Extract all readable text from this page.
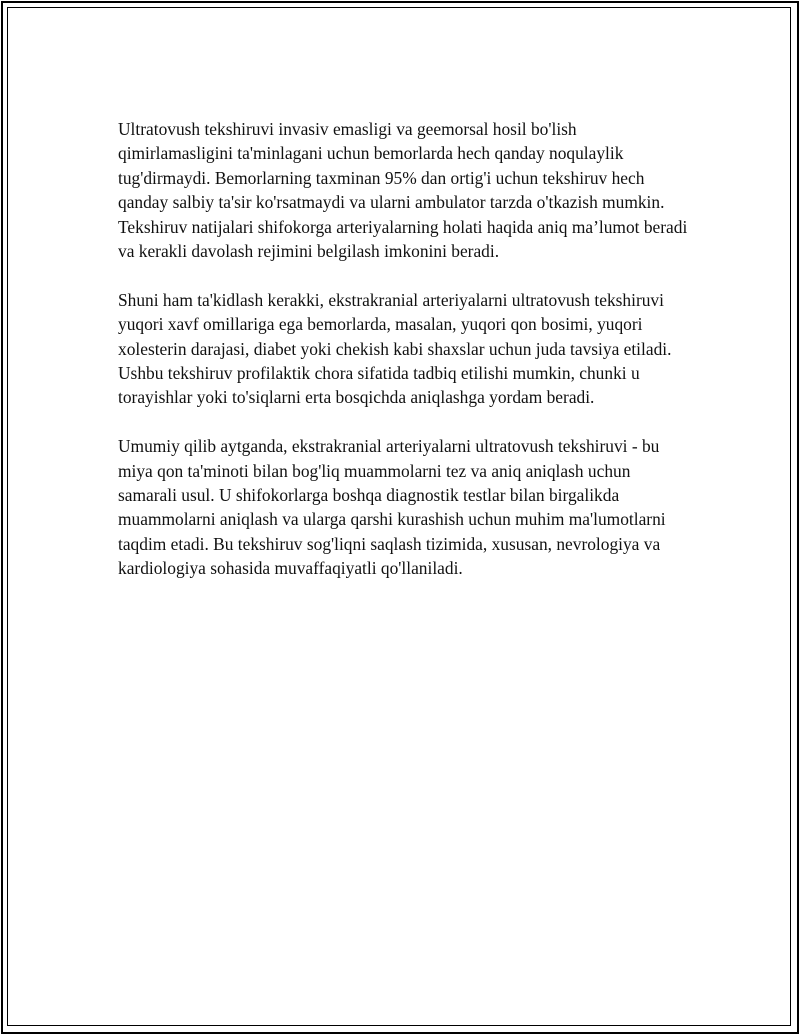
Ultratovush tekshiruvi invasiv emasligi va geemorsal hosil bo'lish qimirlamasligini ta'minlagani uchun bemorlarda hech qanday noqulaylik tug'dirmaydi. Bemorlarning taxminan 95% dan ortig'i uchun tekshiruv hech qanday salbiy ta'sir ko'rsatmaydi va ularni ambulator tarzda o'tkazish mumkin. Tekshiruv natijalari shifokorga arteriyalarning holati haqida aniq ma’lumot beradi va kerakli davolash rejimini belgilash imkonini beradi.

Shuni ham ta'kidlash kerakki, ekstrakranial arteriyalarni ultratovush tekshiruvi yuqori xavf omillariga ega bemorlarda, masalan, yuqori qon bosimi, yuqori xolesterin darajasi, diabet yoki chekish kabi shaxslar uchun juda tavsiya etiladi. Ushbu tekshiruv profilaktik chora sifatida tadbiq etilishi mumkin, chunki u torayishlar yoki to'siqlarni erta bosqichda aniqlashga yordam beradi.

Umumiy qilib aytganda, ekstrakranial arteriyalarni ultratovush tekshiruvi - bu miya qon ta'minoti bilan bog'liq muammolarni tez va aniq aniqlash uchun samarali usul. U shifokorlarga boshqa diagnostik testlar bilan birgalikda muammolarni aniqlash va ularga qarshi kurashish uchun muhim ma'lumotlarni taqdim etadi. Bu tekshiruv sog'liqni saqlash tizimida, xususan, nevrologiya va kardiologiya sohasida muvaffaqiyatli qo'llaniladi.
